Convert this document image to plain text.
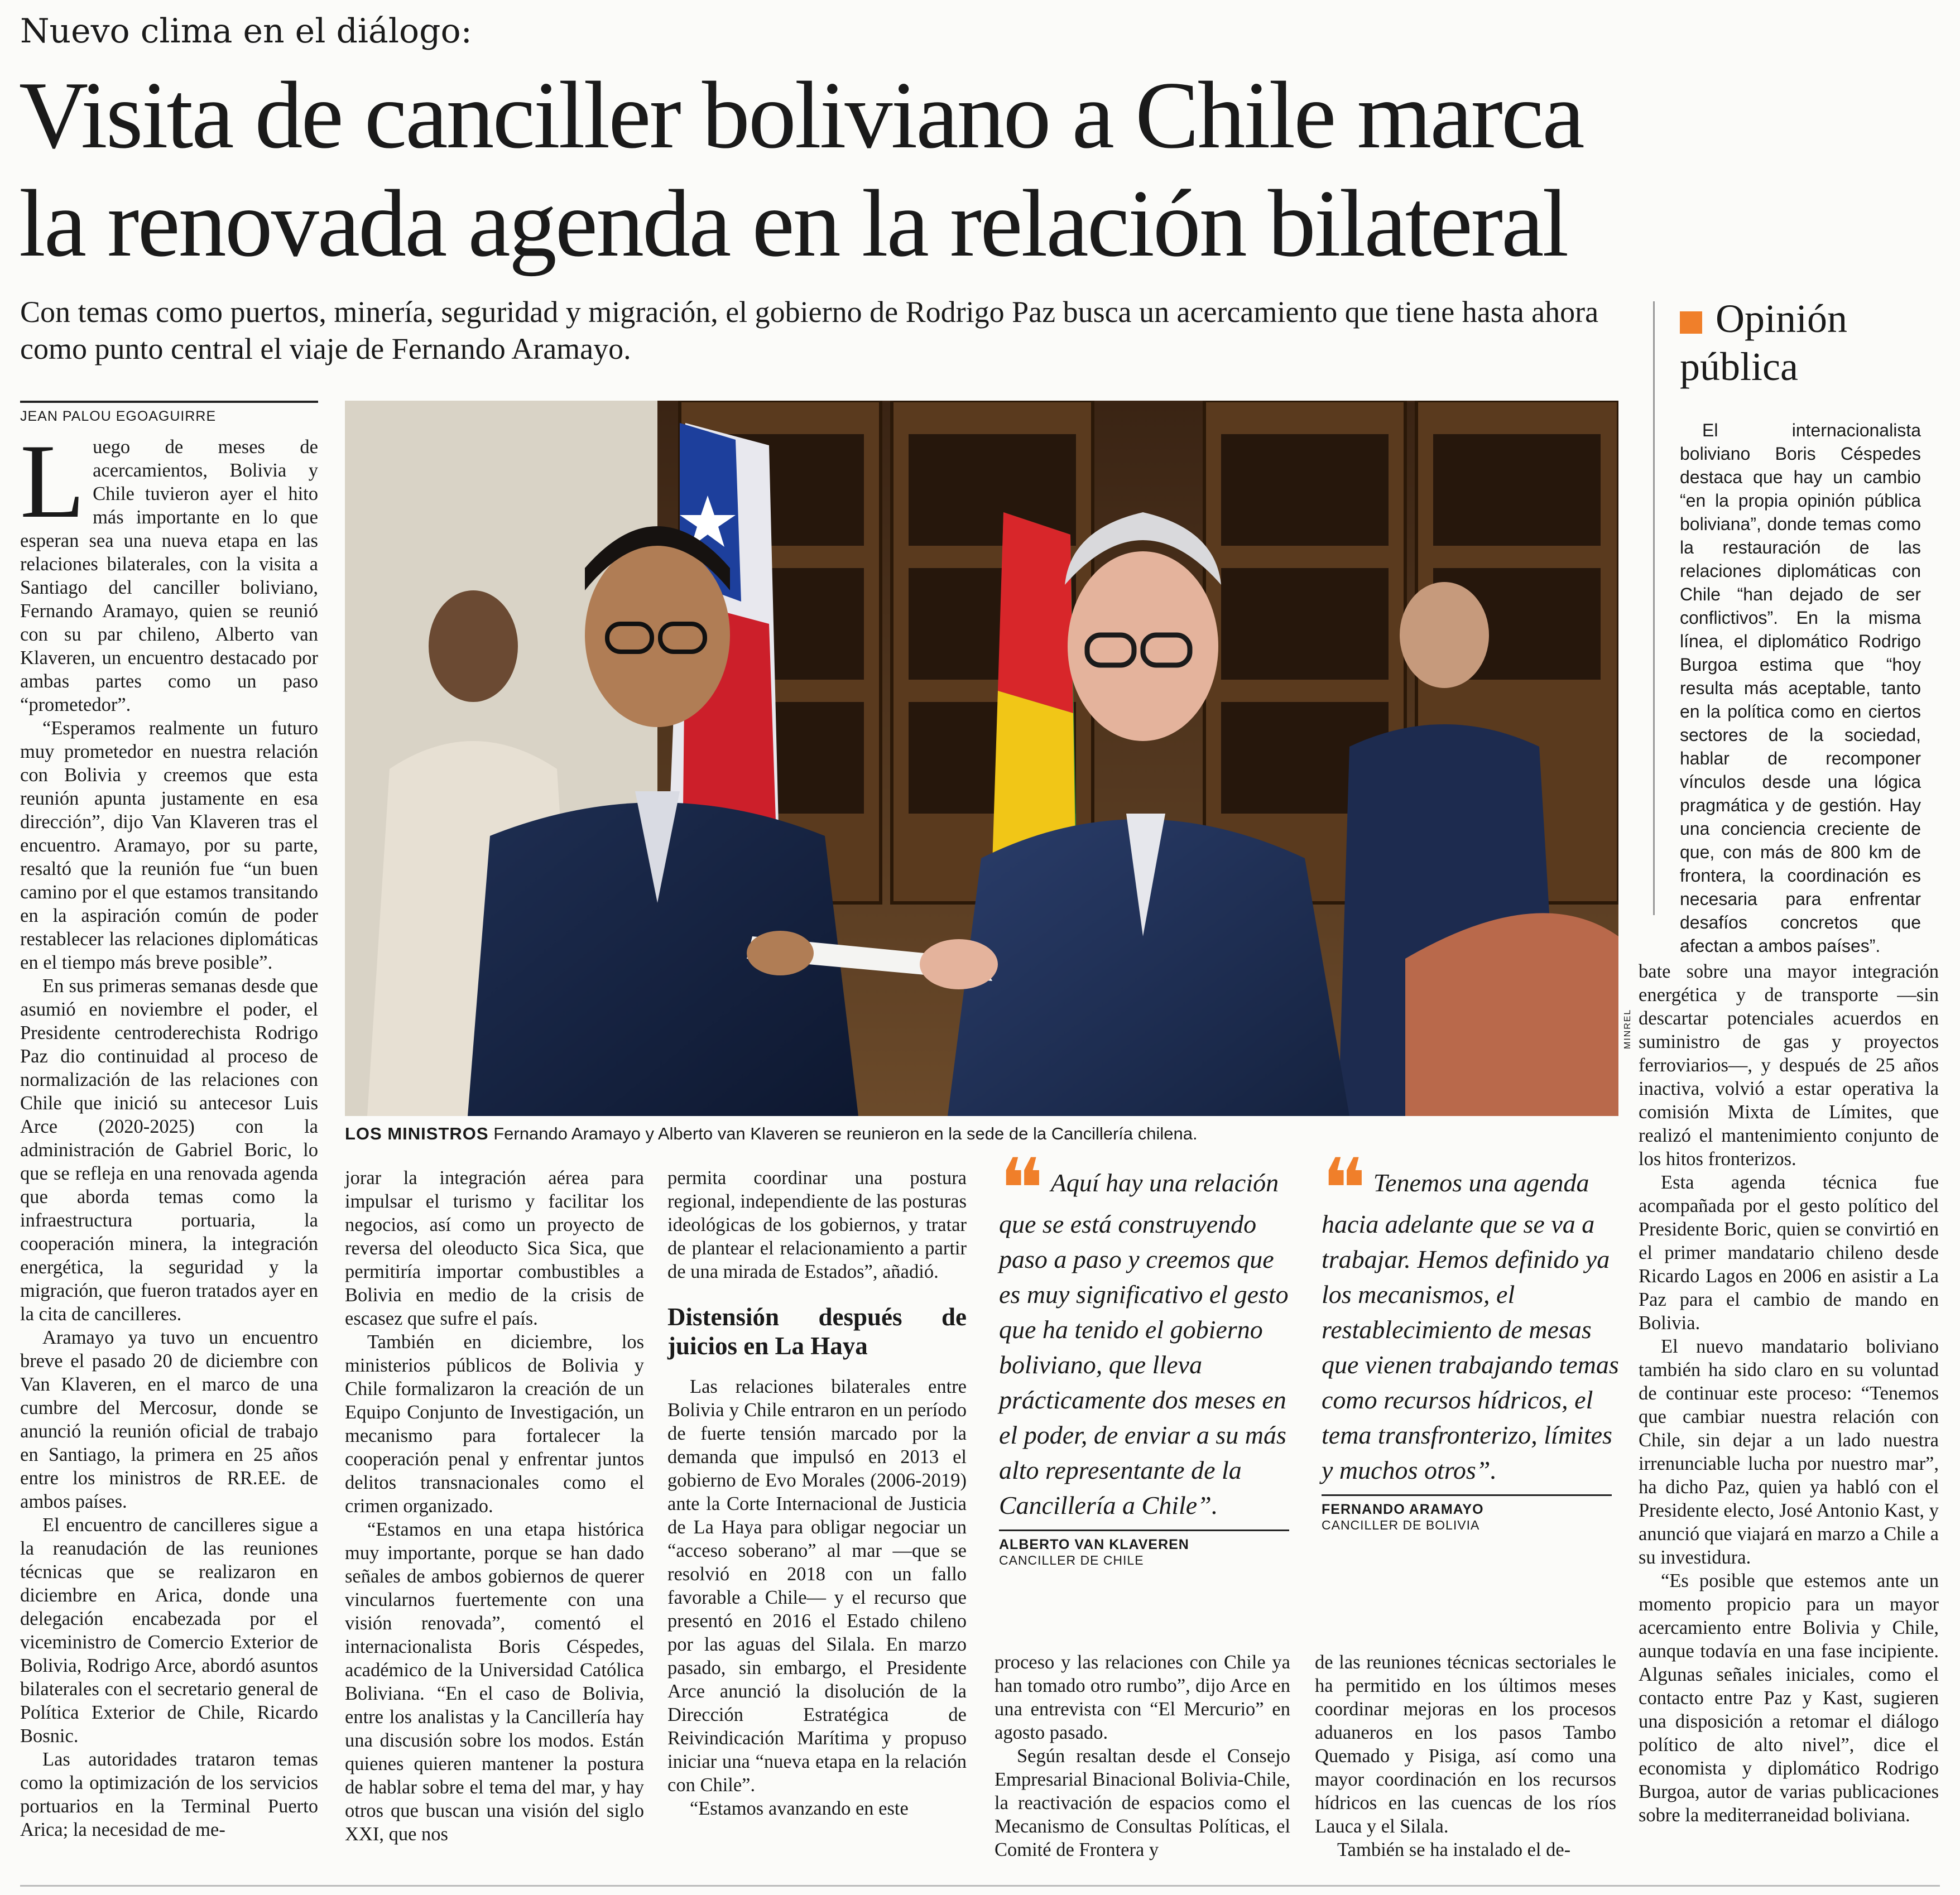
Nuevo clima en el diálogo:
Visita de canciller boliviano a Chile marca
la renovada agenda en la relación bilateral
Con temas como puertos, minería, seguridad y migración, el gobierno de Rodrigo Paz busca un acercamiento que tiene hasta ahora como punto central el viaje de Fernando Aramayo.
JEAN PALOU EGOAGUIRRE

Luego de meses de acercamientos, Bolivia y Chile tuvieron ayer el hito más importante en lo que esperan sea una nueva etapa en las relaciones bilaterales, con la visita a Santiago del canciller boliviano, Fernando Aramayo, quien se reunió con su par chileno, Alberto van Klaveren, un encuentro destacado por ambas partes como un paso “prometedor”.

“Esperamos realmente un futuro muy prometedor en nuestra relación con Bolivia y creemos que esta reunión apunta justamente en esa dirección”, dijo Van Klaveren tras el encuentro. Aramayo, por su parte, resaltó que la reunión fue “un buen camino por el que estamos transitando en la aspiración común de poder restablecer las relaciones diplomáticas en el tiempo más breve posible”.

En sus primeras semanas desde que asumió en noviembre el poder, el Presidente centroderechista Rodrigo Paz dio continuidad al proceso de normalización de las relaciones con Chile que inició su antecesor Luis Arce (2020-2025) con la administración de Gabriel Boric, lo que se refleja en una renovada agenda que aborda temas como la infraestructura portuaria, la cooperación minera, la integración energética, la seguridad y la migración, que fueron tratados ayer en la cita de cancilleres.

Aramayo ya tuvo un encuentro breve el pasado 20 de diciembre con Van Klaveren, en el marco de una cumbre del Mercosur, donde se anunció la reunión oficial de trabajo en Santiago, la primera en 25 años entre los ministros de RR.EE. de ambos países.

El encuentro de cancilleres sigue a la reanudación de las reuniones técnicas que se realizaron en diciembre en Arica, donde una delegación encabezada por el viceministro de Comercio Exterior de Bolivia, Rodrigo Arce, abordó asuntos bilaterales con el secretario general de Política Exterior de Chile, Ricardo Bosnic.

Las autoridades trataron temas como la optimización de los servicios portuarios en la Terminal Puerto Arica; la necesidad de me-

MINREL
LOS MINISTROS Fernando Aramayo y Alberto van Klaveren se reunieron en la sede de la Cancillería chilena.

jorar la integración aérea para impulsar el turismo y facilitar los negocios, así como un proyecto de reversa del oleoducto Sica Sica, que permitiría importar combustibles a Bolivia en medio de la crisis de escasez que sufre el país.

También en diciembre, los ministerios públicos de Bolivia y Chile formalizaron la creación de un Equipo Conjunto de Investigación, un mecanismo para fortalecer la cooperación penal y enfrentar juntos delitos transnacionales como el crimen organizado.

“Estamos en una etapa histórica muy importante, porque se han dado señales de ambos gobiernos de querer vincularnos fuertemente con una visión renovada”, comentó el internacionalista Boris Céspedes, académico de la Universidad Católica Boliviana. “En el caso de Bolivia, entre los analistas y la Cancillería hay una discusión sobre los modos. Están quienes quieren mantener la postura de hablar sobre el tema del mar, y hay otros que buscan una visión del siglo XXI, que nos

permita coordinar una postura regional, independiente de las posturas ideológicas de los gobiernos, y tratar de plantear el relacionamiento a partir de una mirada de Estados”, añadió.

Distensión después de juicios en La Haya

Las relaciones bilaterales entre Bolivia y Chile entraron en un período de fuerte tensión marcado por la demanda que impulsó en 2013 el gobierno de Evo Morales (2006-2019) ante la Corte Internacional de Justicia de La Haya para obligar negociar un “acceso soberano” al mar —que se resolvió en 2018 con un fallo favorable a Chile— y el recurso que presentó en 2016 el Estado chileno por las aguas del Silala. En marzo pasado, sin embargo, el Presidente Arce anunció la disolución de la Dirección Estratégica de Reivindicación Marítima y propuso iniciar una “nueva etapa en la relación con Chile”.

“Estamos avanzando en este

❝ Aquí hay una relación que se está construyendo paso a paso y creemos que es muy significativo el gesto que ha tenido el gobierno boliviano, que lleva prácticamente dos meses en el poder, de enviar a su más alto representante de la Cancillería a Chile”.
ALBERTO VAN KLAVEREN
CANCILLER DE CHILE
❝ Tenemos una agenda hacia adelante que se va a trabajar. Hemos definido ya los mecanismos, el restablecimiento de mesas que vienen trabajando temas como recursos hídricos, el tema transfronterizo, límites y muchos otros”.
FERNANDO ARAMAYO
CANCILLER DE BOLIVIA

proceso y las relaciones con Chile ya han tomado otro rumbo”, dijo Arce en una entrevista con “El Mercurio” en agosto pasado.

Según resaltan desde el Consejo Empresarial Binacional Bolivia-Chile, la reactivación de espacios como el Mecanismo de Consultas Políticas, el Comité de Frontera y

de las reuniones técnicas sectoriales le ha permitido en los últimos meses coordinar mejoras en los procesos aduaneros en los pasos Tambo Quemado y Pisiga, así como una mayor coordinación en los recursos hídricos en las cuencas de los ríos Lauca y el Silala.

También se ha instalado el de-

Opinión
pública
El internacionalista boliviano Boris Céspedes destaca que hay un cambio “en la propia opinión pública boliviana”, donde temas como la restauración de las relaciones diplomáticas con Chile “han dejado de ser conflictivos”. En la misma línea, el diplomático Rodrigo Burgoa estima que “hoy resulta más aceptable, tanto en la política como en ciertos sectores de la sociedad, hablar de recomponer vínculos desde una lógica pragmática y de gestión. Hay una conciencia creciente de que, con más de 800 km de frontera, la coordinación es necesaria para enfrentar desafíos concretos que afectan a ambos países”.

bate sobre una mayor integración energética y de transporte —sin descartar potenciales acuerdos en suministro de gas y proyectos ferroviarios—, y después de 25 años inactiva, volvió a estar operativa la comisión Mixta de Límites, que realizó el mantenimiento conjunto de los hitos fronterizos.

Esta agenda técnica fue acompañada por el gesto político del Presidente Boric, quien se convirtió en el primer mandatario chileno desde Ricardo Lagos en 2006 en asistir a La Paz para el cambio de mando en Bolivia.

El nuevo mandatario boliviano también ha sido claro en su voluntad de continuar este proceso: “Tenemos que cambiar nuestra relación con Chile, sin dejar a un lado nuestra irrenunciable lucha por nuestro mar”, ha dicho Paz, quien ya habló con el Presidente electo, José Antonio Kast, y anunció que viajará en marzo a Chile a su investidura.

“Es posible que estemos ante un momento propicio para un mayor acercamiento entre Bolivia y Chile, aunque todavía en una fase incipiente. Algunas señales iniciales, como el contacto entre Paz y Kast, sugieren una disposición a retomar el diálogo político de alto nivel”, dice el economista y diplomático Rodrigo Burgoa, autor de varias publicaciones sobre la mediterraneidad boliviana.
